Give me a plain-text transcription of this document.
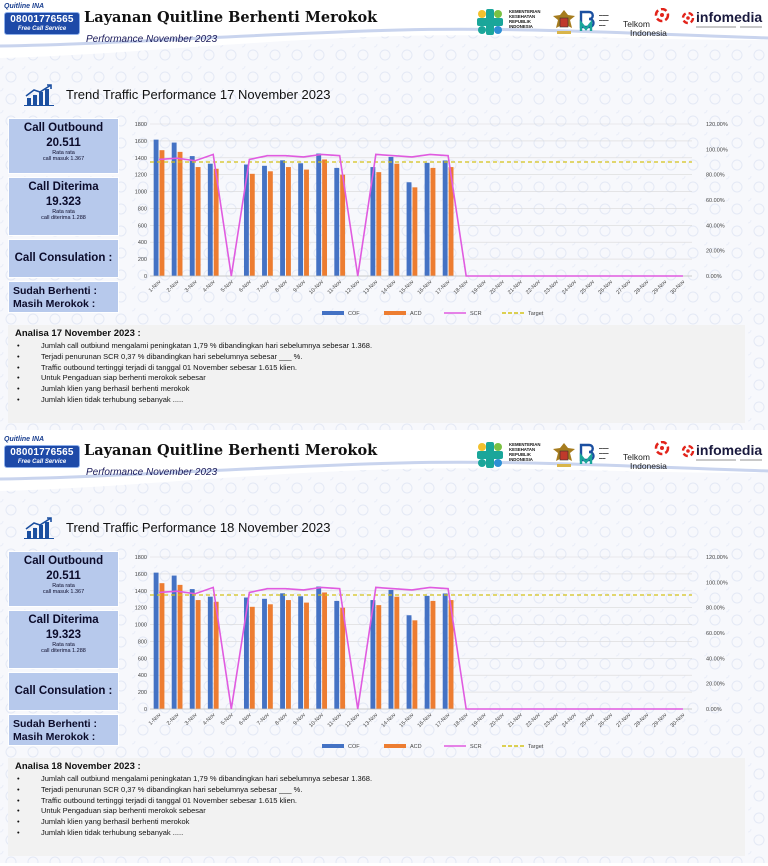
Quitline INA
08001776565
Free Call Service
Layanan Quitline Berhenti Merokok
Performance November 2023
KEMENTERIAN KESEHATAN REPUBLIK INDONESIA
▬▬▬
▬▬▬
▬▬ Telkom Indonesia
infomedia
Trend Traffic Performance 17 November 2023
Call Outbound
20.511
Rata rata
call masuk 1.367
Call Diterima
19.323
Rata rata
call diterima 1.288
Call Consulation :
Sudah Berhenti :
Masih Merokok :
1800
1600
1400
1200
1000
800
600
400
200
0
120.00%
100.00%
80.00%
60.00%
40.00%
20.00%
0.00%
1-Nov 2-Nov 3-Nov 4-Nov 5-Nov 6-Nov 7-Nov 8-Nov 9-Nov 10-Nov 11-Nov 12-Nov 13-Nov 14-Nov 15-Nov 16-Nov 17-Nov 18-Nov 19-Nov 20-Nov 21-Nov 22-Nov 23-Nov 24-Nov 25-Nov 26-Nov 27-Nov 28-Nov 29-Nov 30-Nov
COF	ACD	SCR	Target
Analisa 17 November 2023 :
• Jumlah call outbiund mengalami peningkatan 1,79 % dibandingkan hari sebelumnya sebesar 1.368.
• Terjadi penurunan SCR 0,37 % dibandingkan hari sebelumnya sebesar ___ %.
• Traffic outbound tertinggi terjadi di tanggal 01 November sebesar 1.615 klien.
• Untuk Pengaduan siap berhenti merokok sebesar
• Jumlah klien yang berhasil berhenti merokok
• Jumlah klien tidak terhubung sebanyak .....
Quitline INA
08001776565
Free Call Service
Layanan Quitline Berhenti Merokok
Performance November 2023
KEMENTERIAN KESEHATAN REPUBLIK INDONESIA
▬▬▬
▬▬▬
▬▬ Telkom Indonesia
infomedia
Trend Traffic Performance 18 November 2023
Call Outbound
20.511
Rata rata
call masuk 1.367
Call Diterima
19.323
Rata rata
call diterima 1.288
Call Consulation :
Sudah Berhenti :
Masih Merokok :
1800
1600
1400
1200
1000
800
600
400
200
0
120.00%
100.00%
80.00%
60.00%
40.00%
20.00%
0.00%
1-Nov 2-Nov 3-Nov 4-Nov 5-Nov 6-Nov 7-Nov 8-Nov 9-Nov 10-Nov 11-Nov 12-Nov 13-Nov 14-Nov 15-Nov 16-Nov 17-Nov 18-Nov 19-Nov 20-Nov 21-Nov 22-Nov 23-Nov 24-Nov 25-Nov 26-Nov 27-Nov 28-Nov 29-Nov 30-Nov
COF	ACD	SCR	Target
Analisa 18 November 2023 :
• Jumlah call outbiund mengalami peningkatan 1,79 % dibandingkan hari sebelumnya sebesar 1.368.
• Terjadi penurunan SCR 0,37 % dibandingkan hari sebelumnya sebesar ___ %.
• Traffic outbound tertinggi terjadi di tanggal 01 November sebesar 1.615 klien.
• Untuk Pengaduan siap berhenti merokok sebesar
• Jumlah klien yang berhasil berhenti merokok
• Jumlah klien tidak terhubung sebanyak .....
